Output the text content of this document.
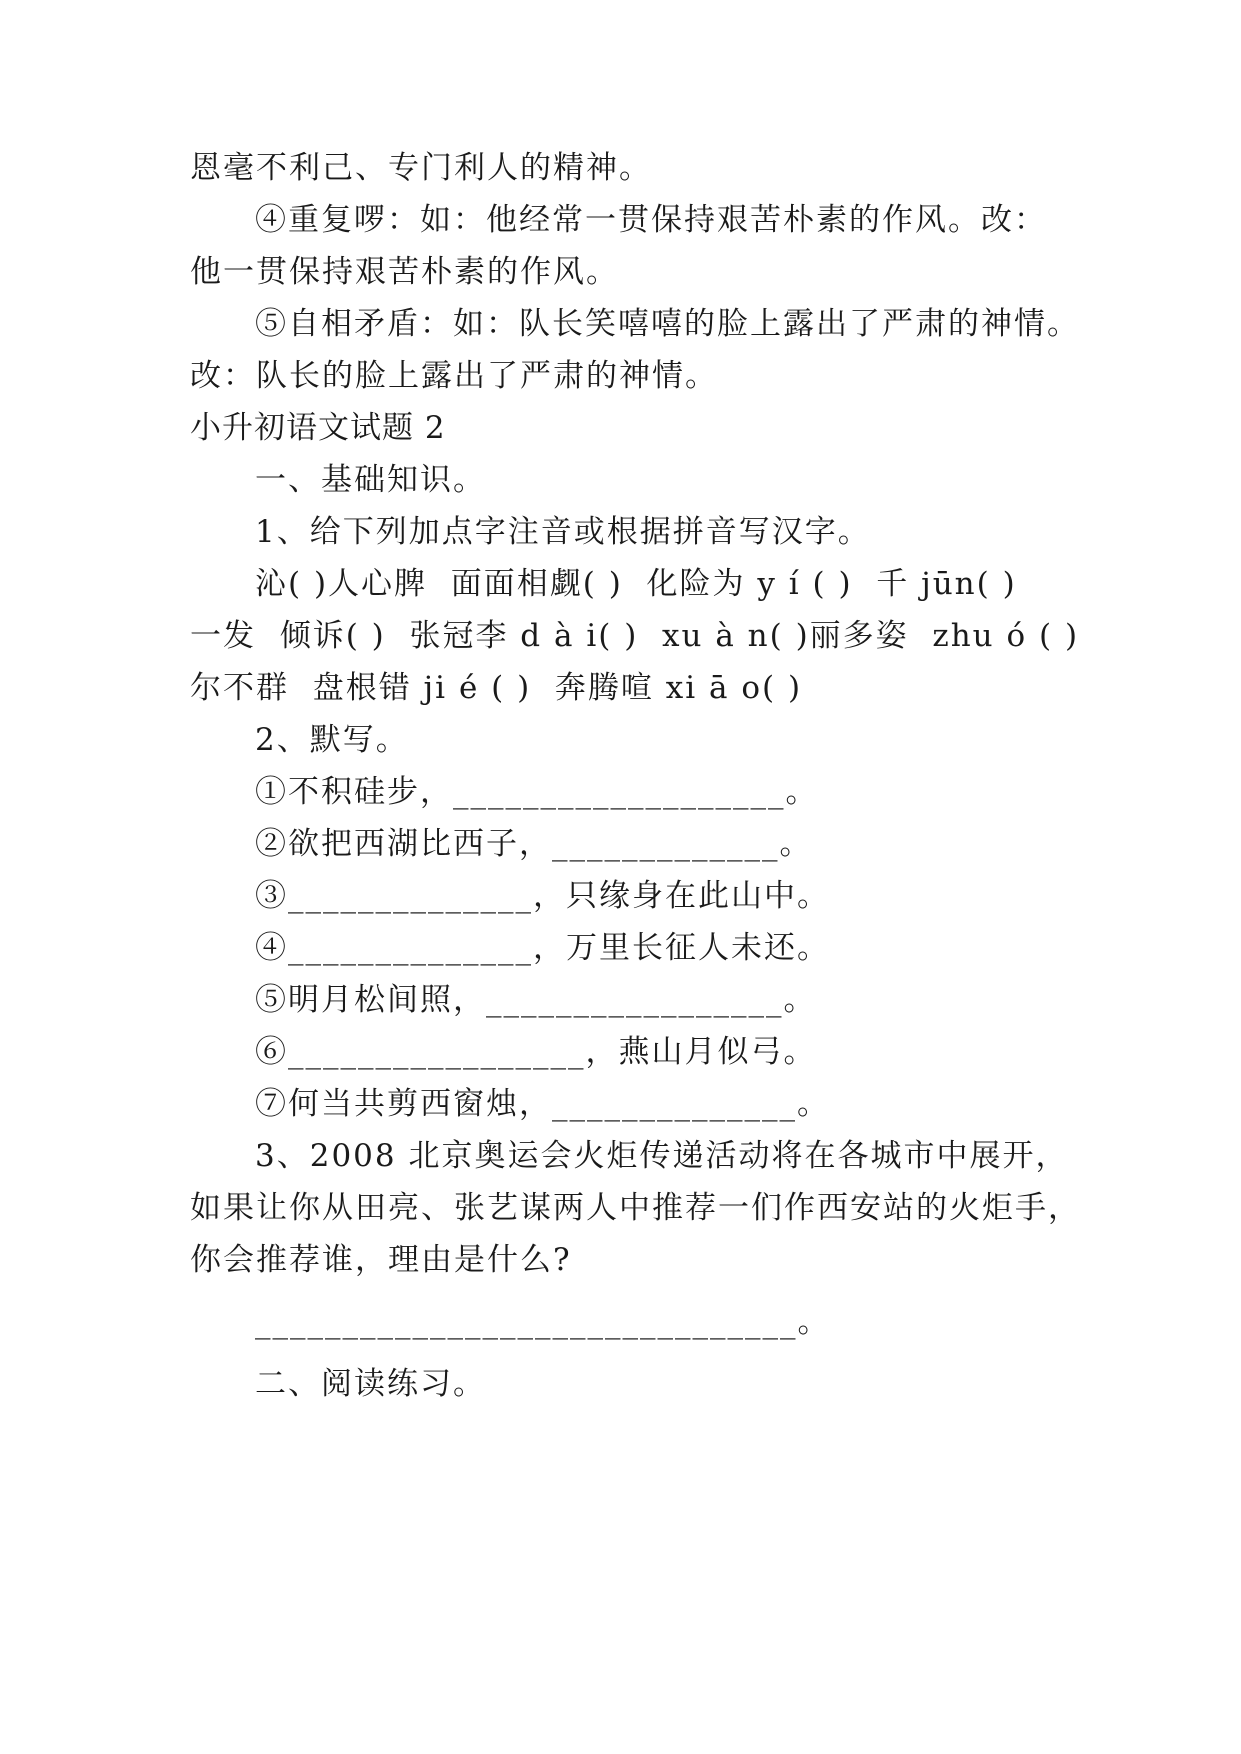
恩毫不利己、专门利人的精神。
④重复啰：如：他经常一贯保持艰苦朴素的作风。改：
他一贯保持艰苦朴素的作风。
⑤自相矛盾：如：队长笑嘻嘻的脸上露出了严肃的神情。
改：队长的脸上露出了严肃的神情。
小升初语文试题 2
一、基础知识。
1、给下列加点字注音或根据拼音写汉字。
沁( )人心脾  面面相觑( )  化险为 y í ( )  千 jūn( )
一发  倾诉( )  张冠李 d à i( )  xu à n( )丽多姿  zhu ó ( )
尔不群  盘根错 ji é ( )  奔腾喧 xi ā o( )
2、默写。
①不积硅步，___________________。
②欲把西湖比西子，_____________。
③______________，只缘身在此山中。
④______________，万里长征人未还。
⑤明月松间照，_________________。
⑥_________________，燕山月似弓。
⑦何当共剪西窗烛，______________。
3、2008 北京奥运会火炬传递活动将在各城市中展开，
如果让你从田亮、张艺谋两人中推荐一们作西安站的火炬手，
你会推荐谁，理由是什么?
_______________________________。
二、阅读练习。
